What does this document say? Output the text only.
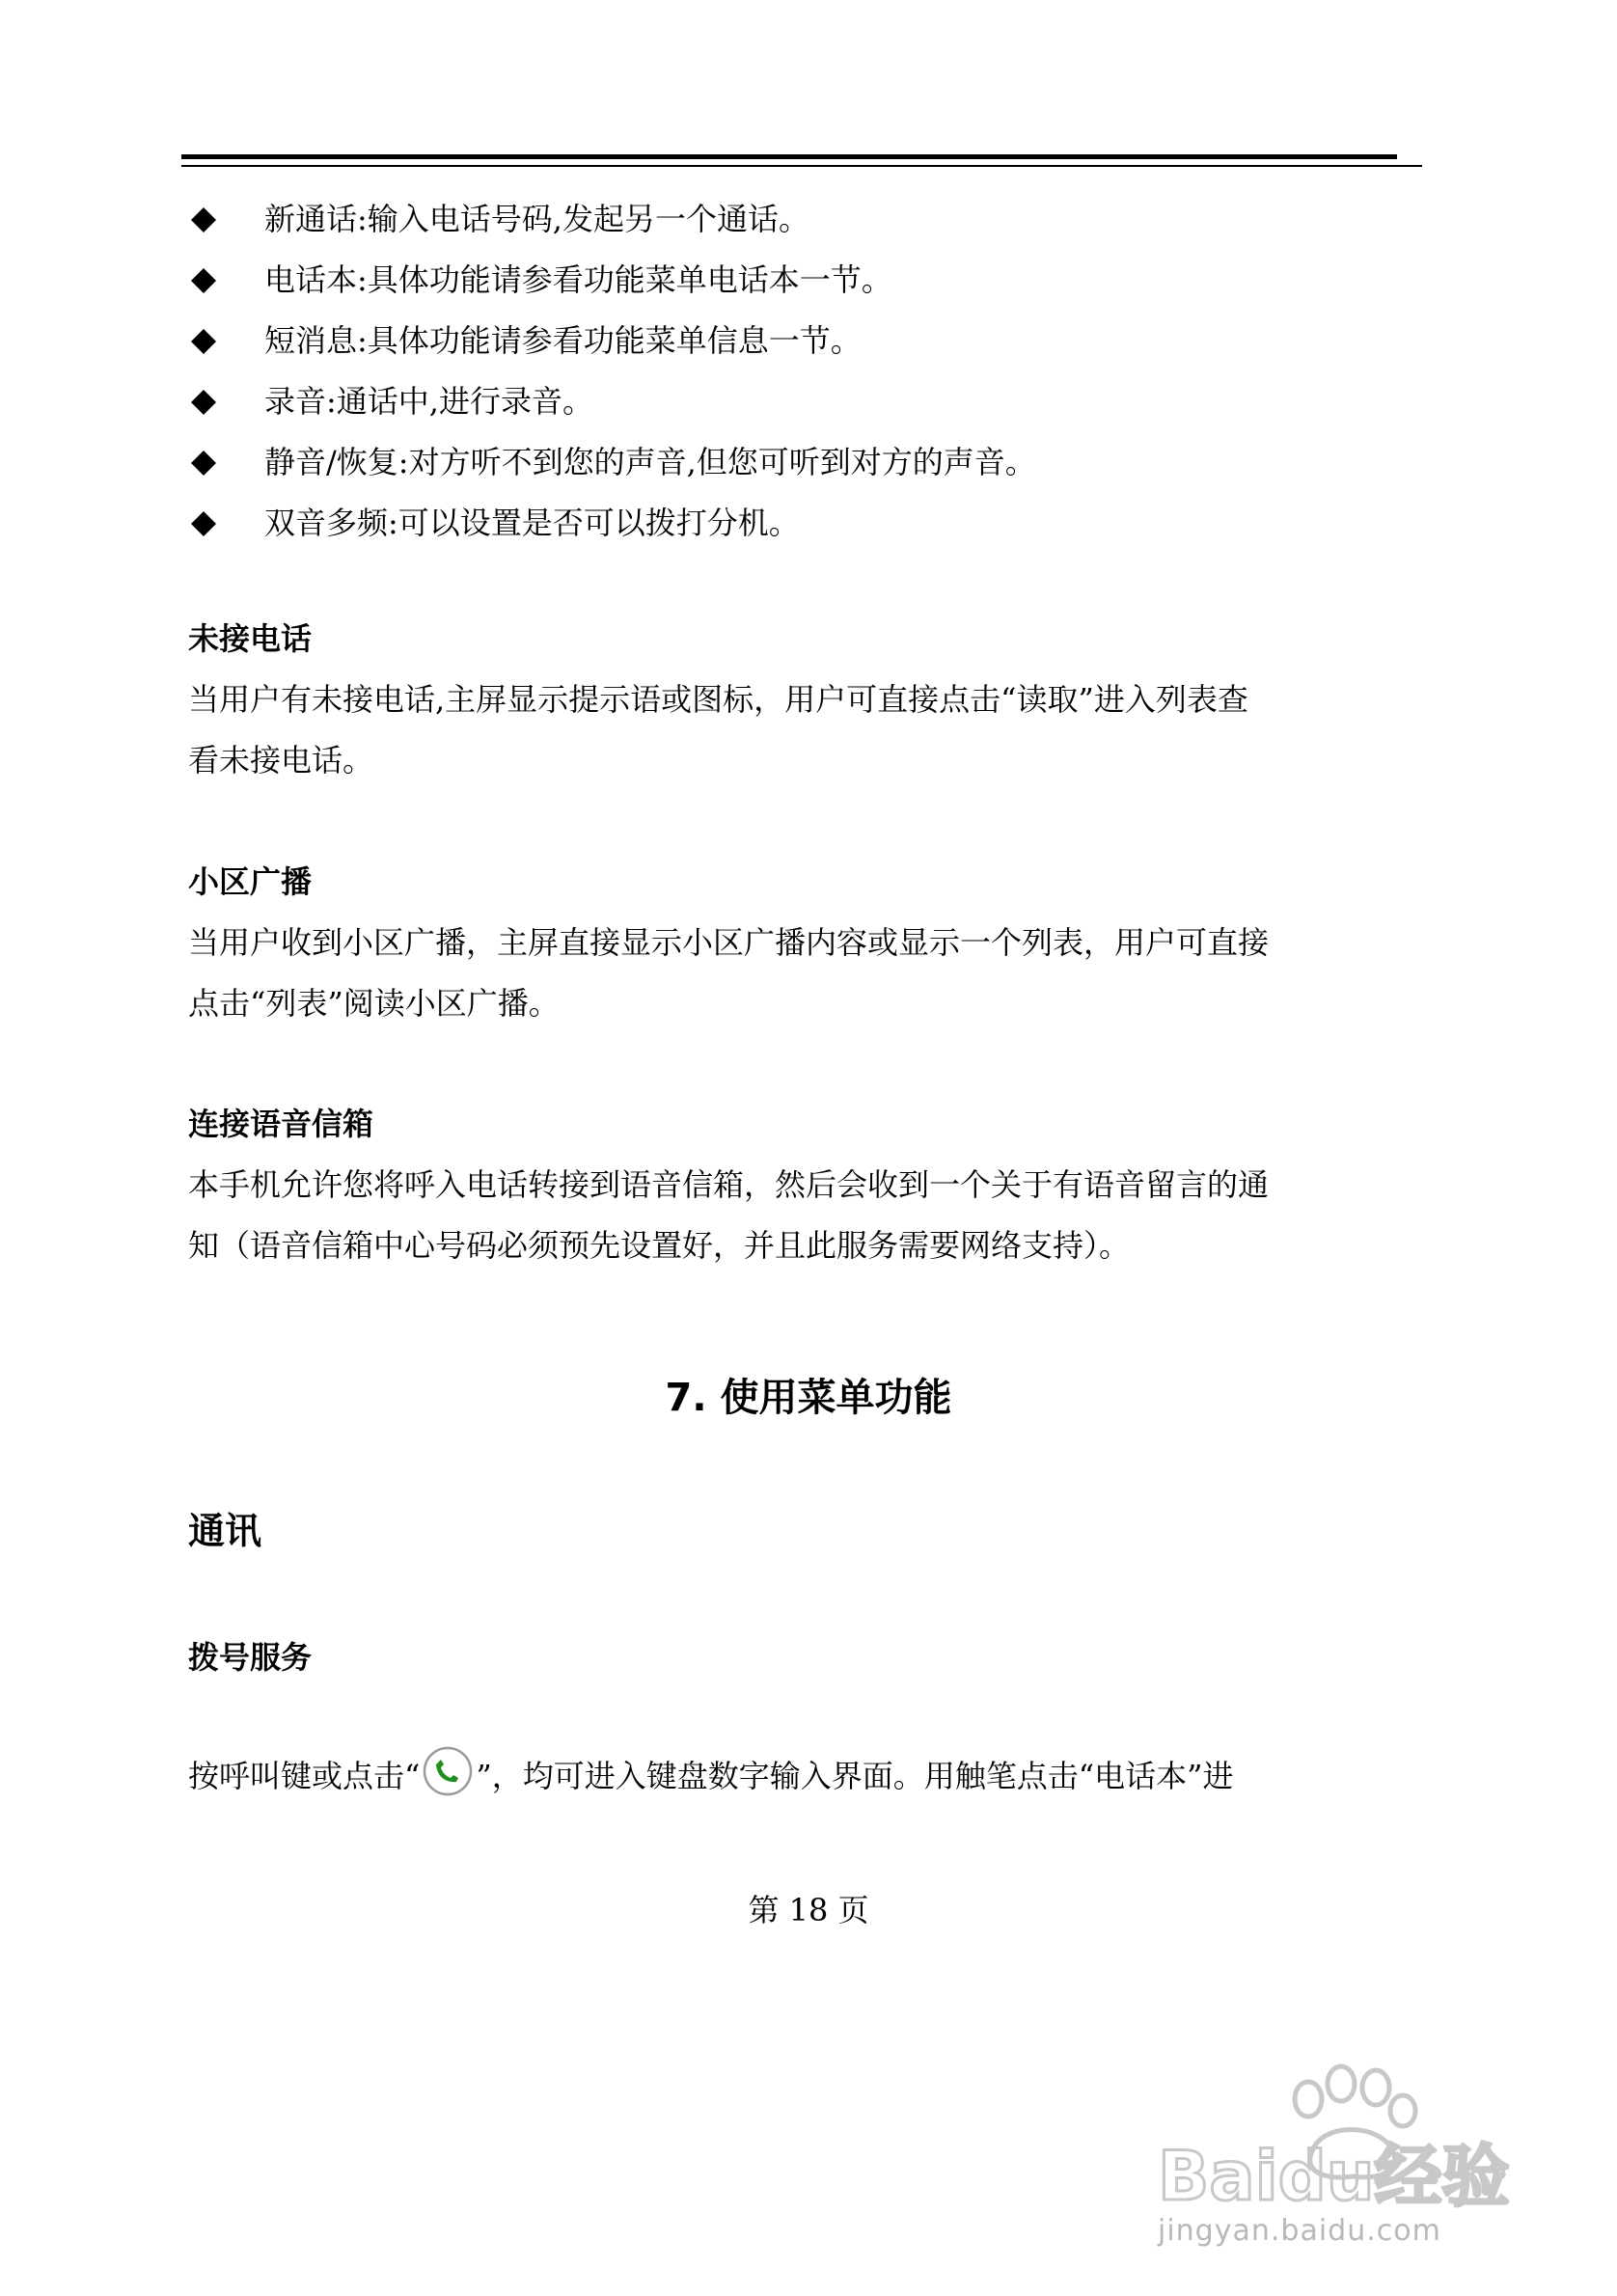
新通话:输入电话号码,发起另一个通话。
电话本:具体功能请参看功能菜单电话本一节。
短消息:具体功能请参看功能菜单信息一节。
录音:通话中,进行录音。
静音/恢复:对方听不到您的声音,但您可听到对方的声音。
双音多频:可以设置是否可以拨打分机。
未接电话
当用户有未接电话,主屏显示提示语或图标，用户可直接点击“读取”进入列表查
看未接电话。
小区广播
当用户收到小区广播，主屏直接显示小区广播内容或显示一个列表，用户可直接
点击“列表”阅读小区广播。
连接语音信箱
本手机允许您将呼入电话转接到语音信箱，然后会收到一个关于有语音留言的通
知（语音信箱中心号码必须预先设置好，并且此服务需要网络支持）。
7. 使用菜单功能
通讯
拨号服务
按呼叫键或点击“ ”，均可进入键盘数字输入界面。用触笔点击“电话本”进
第 18 页
Baidu经验
jingyan.baidu.com
